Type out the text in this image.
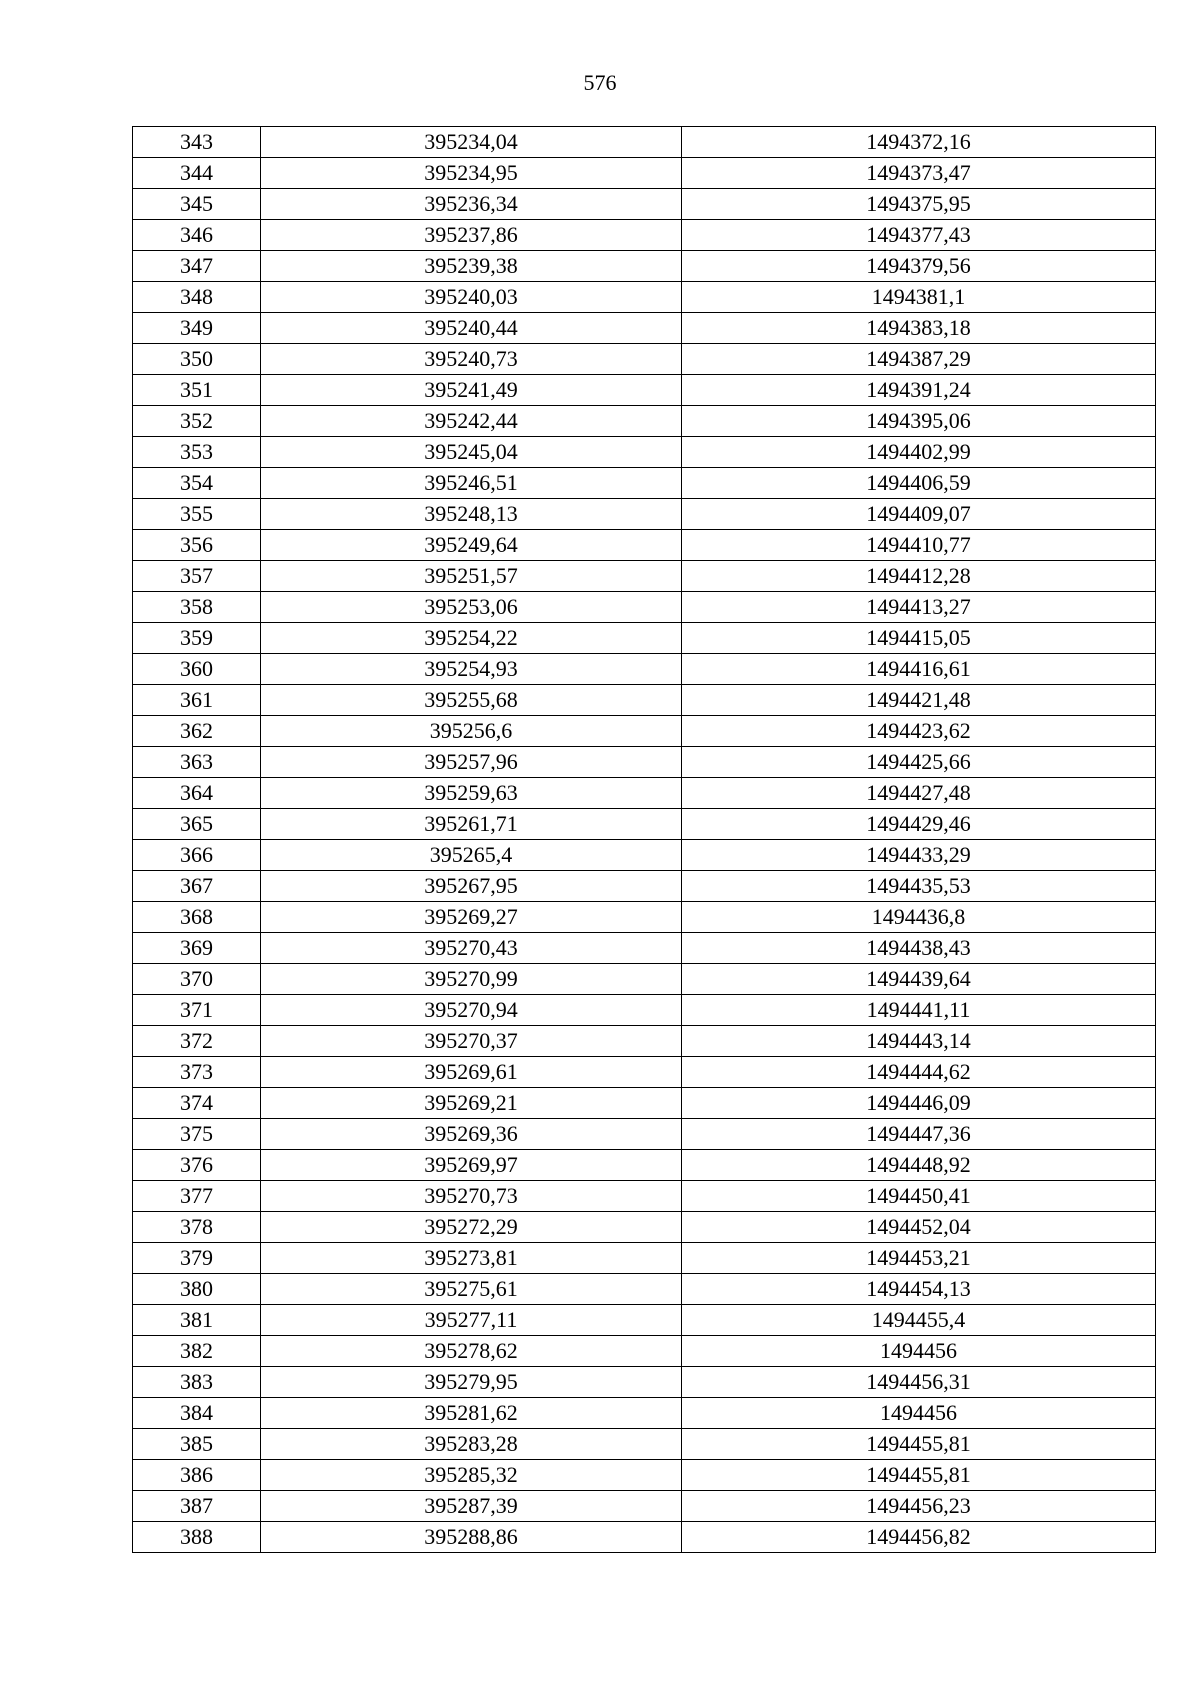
576
343	395234,04	1494372,16
344	395234,95	1494373,47
345	395236,34	1494375,95
346	395237,86	1494377,43
347	395239,38	1494379,56
348	395240,03	1494381,1
349	395240,44	1494383,18
350	395240,73	1494387,29
351	395241,49	1494391,24
352	395242,44	1494395,06
353	395245,04	1494402,99
354	395246,51	1494406,59
355	395248,13	1494409,07
356	395249,64	1494410,77
357	395251,57	1494412,28
358	395253,06	1494413,27
359	395254,22	1494415,05
360	395254,93	1494416,61
361	395255,68	1494421,48
362	395256,6	1494423,62
363	395257,96	1494425,66
364	395259,63	1494427,48
365	395261,71	1494429,46
366	395265,4	1494433,29
367	395267,95	1494435,53
368	395269,27	1494436,8
369	395270,43	1494438,43
370	395270,99	1494439,64
371	395270,94	1494441,11
372	395270,37	1494443,14
373	395269,61	1494444,62
374	395269,21	1494446,09
375	395269,36	1494447,36
376	395269,97	1494448,92
377	395270,73	1494450,41
378	395272,29	1494452,04
379	395273,81	1494453,21
380	395275,61	1494454,13
381	395277,11	1494455,4
382	395278,62	1494456
383	395279,95	1494456,31
384	395281,62	1494456
385	395283,28	1494455,81
386	395285,32	1494455,81
387	395287,39	1494456,23
388	395288,86	1494456,82
